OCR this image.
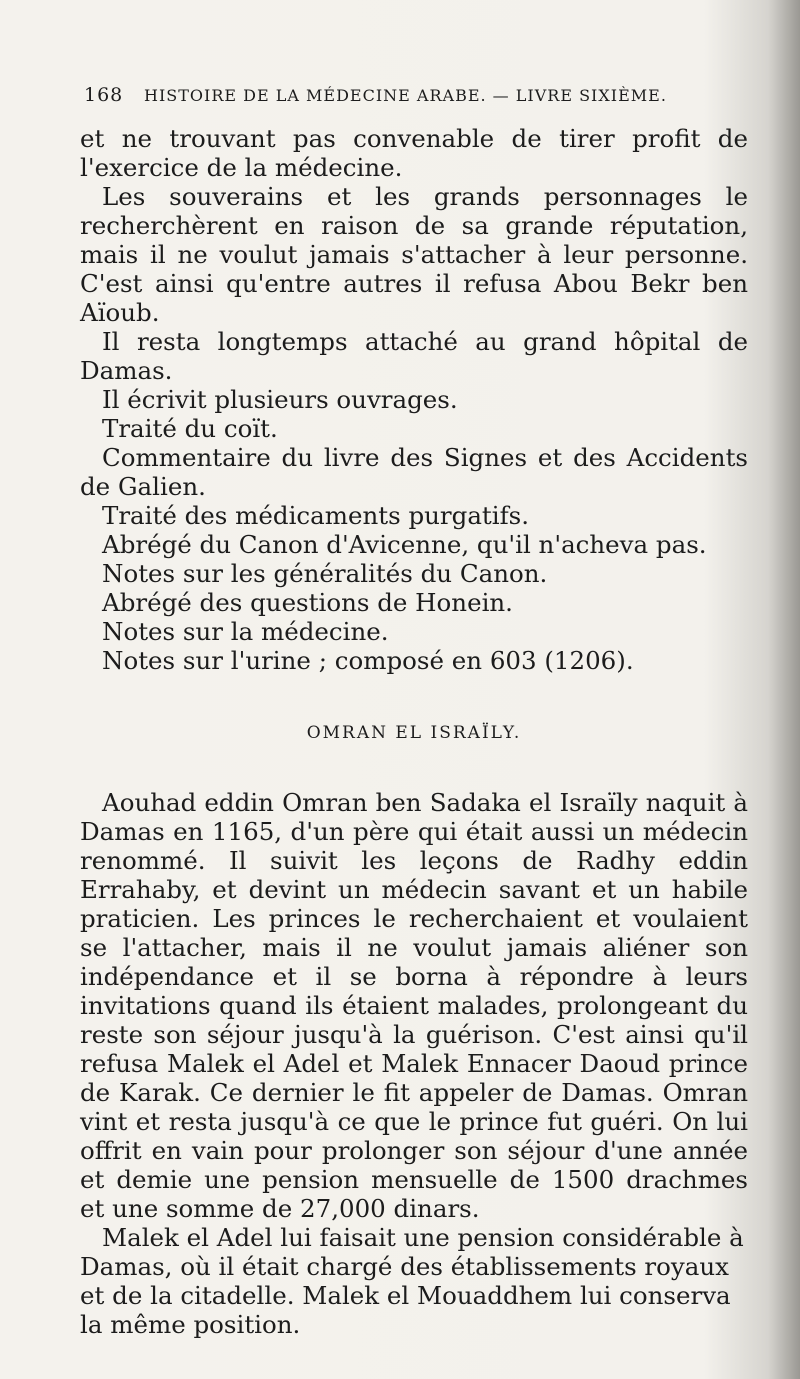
168 HISTOIRE DE LA MÉDECINE ARABE. — LIVRE SIXIÈME.

et ne trouvant pas convenable de tirer profit de l'exercice de la médecine.

Les souverains et les grands personnages le recherchèrent en raison de sa grande réputation, mais il ne voulut jamais s'attacher à leur personne. C'est ainsi qu'entre autres il refusa Abou Bekr ben Aïoub.

Il resta longtemps attaché au grand hôpital de Damas.

Il écrivit plusieurs ouvrages.

Traité du coït.

Commentaire du livre des Signes et des Accidents de Galien.

Traité des médicaments purgatifs.

Abrégé du Canon d'Avicenne, qu'il n'acheva pas.

Notes sur les généralités du Canon.

Abrégé des questions de Honein.

Notes sur la médecine.

Notes sur l'urine ; composé en 603 (1206).

OMRAN EL ISRAÏLY.

Aouhad eddin Omran ben Sadaka el Israïly naquit à Damas en 1165, d'un père qui était aussi un médecin renommé. Il suivit les leçons de Radhy eddin Errahaby, et devint un médecin savant et un habile praticien. Les princes le recherchaient et voulaient se l'attacher, mais il ne voulut jamais aliéner son indépendance et il se borna à répondre à leurs invitations quand ils étaient malades, prolongeant du reste son séjour jusqu'à la guérison. C'est ainsi qu'il refusa Malek el Adel et Malek Ennacer Daoud prince de Karak. Ce dernier le fit appeler de Damas. Omran vint et resta jusqu'à ce que le prince fut guéri. On lui offrit en vain pour prolonger son séjour d'une année et demie une pension mensuelle de 1500 drachmes et une somme de 27,000 dinars.

Malek el Adel lui faisait une pension considérable à Damas, où il était chargé des établissements royaux et de la citadelle. Malek el Mouaddhem lui conserva la même position.
